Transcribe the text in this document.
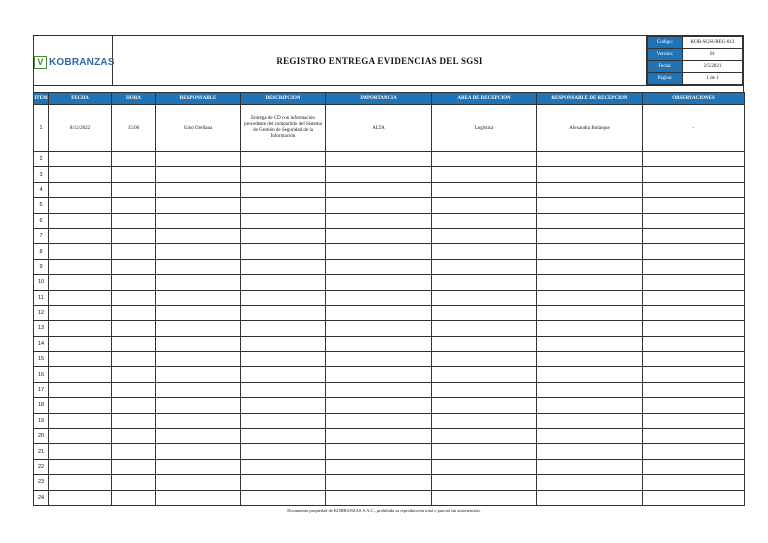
V KOBRANZAS	REGISTRO ENTREGA EVIDENCIAS DEL SGSI	
Codigo:	KOB-SGSI-REG-012
Version:	01
Fecha:	2/5/2021
Página:	1 de 1
ITEM	FECHA	HORA	RESPONSABLE	DESCRIPCION	IMPORTANCIA	AREA DE RECEPCION	RESPONSABLE DE RECEPCION	OBSERVACIONES
1	8/12/2022	15:00	Gino Orellana	Entrega de CD con información procedente del compartido del Sistema de Gestión de Seguridad de la Información	ALTA	Logistica	Alexandra Bolarque	-
2								
3								
4								
5								
6								
7								
8								
9								
10								
11								
12								
13								
14								
15								
16								
17								
18								
19								
20								
21								
22								
23								
24								
Documento propiedad de KOBRANZAS S.A.C., prohibida su reproducción total o parcial sin autorización.
